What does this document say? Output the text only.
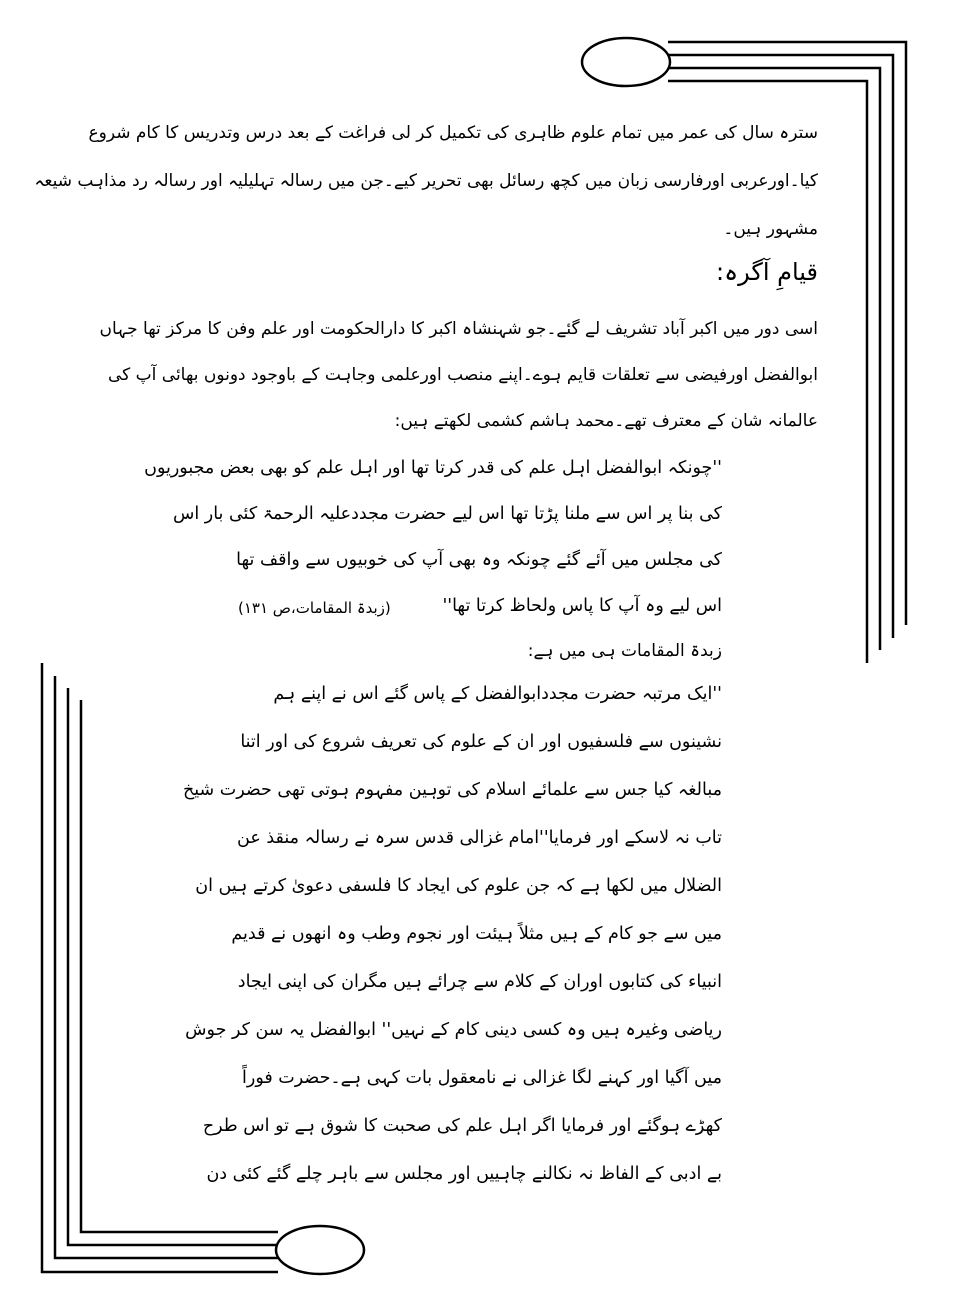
سترہ سال کی عمر میں تمام علوم ظاہری کی تکمیل کر لی فراغت کے بعد درس وتدریس کا کام شروع
کیا۔اورعربی اورفارسی زبان میں کچھ رسائل بھی تحریر کیے۔جن میں رسالہ تہلیلیہ اور رسالہ رد مذاہب شیعہ
مشہور ہیں۔
قیامِ آگرہ:
اسی دور میں اکبر آباد تشریف لے گئے۔جو شہنشاہ اکبر کا دارالحکومت اور علم وفن کا مرکز تھا جہاں
ابوالفضل اورفیضی سے تعلقات قایم ہوے۔اپنے منصب اورعلمی وجاہت کے باوجود دونوں بھائی آپ کی
عالمانہ شان کے معترف تھے۔محمد ہاشم کشمی لکھتے ہیں:
''چونکہ ابوالفضل اہل علم کی قدر کرتا تھا اور اہل علم کو بھی بعض مجبوریوں
کی بنا پر اس سے ملنا پڑتا تھا اس لیے حضرت مجددعلیہ الرحمۃ کئی بار اس
کی مجلس میں آئے گئے چونکہ وہ بھی آپ کی خوبیوں سے واقف تھا
اس لیے وہ آپ کا پاس ولحاظ کرتا تھا''
(زبدۃ المقامات،ص ۱۳۱)
زبدۃ المقامات ہی میں ہے:
''ایک مرتبہ حضرت مجددابوالفضل کے پاس گئے اس نے اپنے ہم
نشینوں سے فلسفیوں اور ان کے علوم کی تعریف شروع کی اور اتنا
مبالغہ کیا جس سے علمائے اسلام کی توہین مفہوم ہوتی تھی حضرت شیخ
تاب نہ لاسکے اور فرمایا''امام غزالی قدس سرہ نے رسالہ منقذ عن
الضلال میں لکھا ہے کہ جن علوم کی ایجاد کا فلسفی دعویٰ کرتے ہیں ان
میں سے جو کام کے ہیں مثلاً ہیئت اور نجوم وطب وہ انھوں نے قدیم
انبیاء کی کتابوں اوران کے کلام سے چرائے ہیں مگران کی اپنی ایجاد
ریاضی وغیرہ ہیں وہ کسی دینی کام کے نہیں'' ابوالفضل یہ سن کر جوش
میں آگیا اور کہنے لگا غزالی نے نامعقول بات کہی ہے۔حضرت فوراً
کھڑے ہوگئے اور فرمایا اگر اہل علم کی صحبت کا شوق ہے تو اس طرح
بے ادبی کے الفاظ نہ نکالنے چاہییں اور مجلس سے باہر چلے گئے کئی دن
